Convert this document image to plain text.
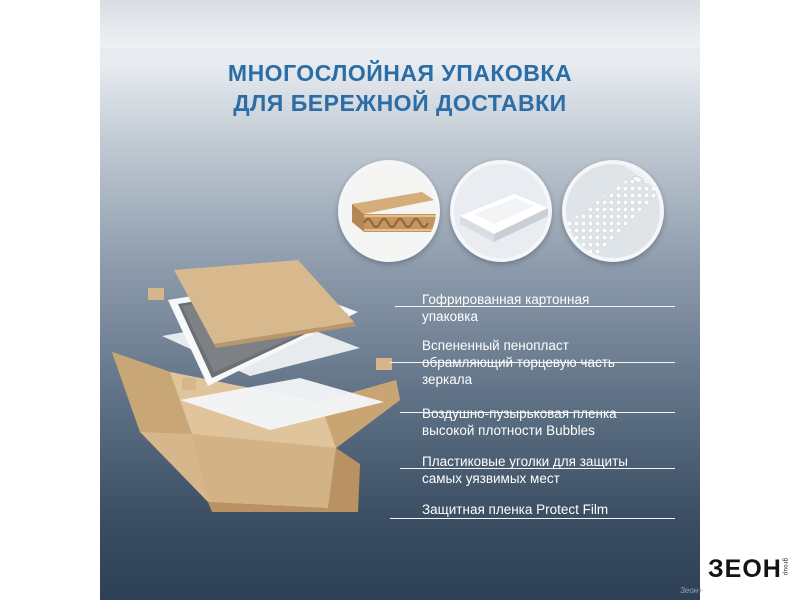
МНОГОСЛОЙНАЯ УПАКОВКА
ДЛЯ БЕРЕЖНОЙ ДОСТАВКИ
Гофрированная картонная
упаковка
Вспененный пенопласт
обрамляющий торцевую часть
зеркала
Воздушно-пузырьковая пленка
высокой плотности Bubbles
Пластиковые уголки для защиты
самых уязвимых мест
Защитная пленка Protect Film
ЗЕОН group
Зеон+
